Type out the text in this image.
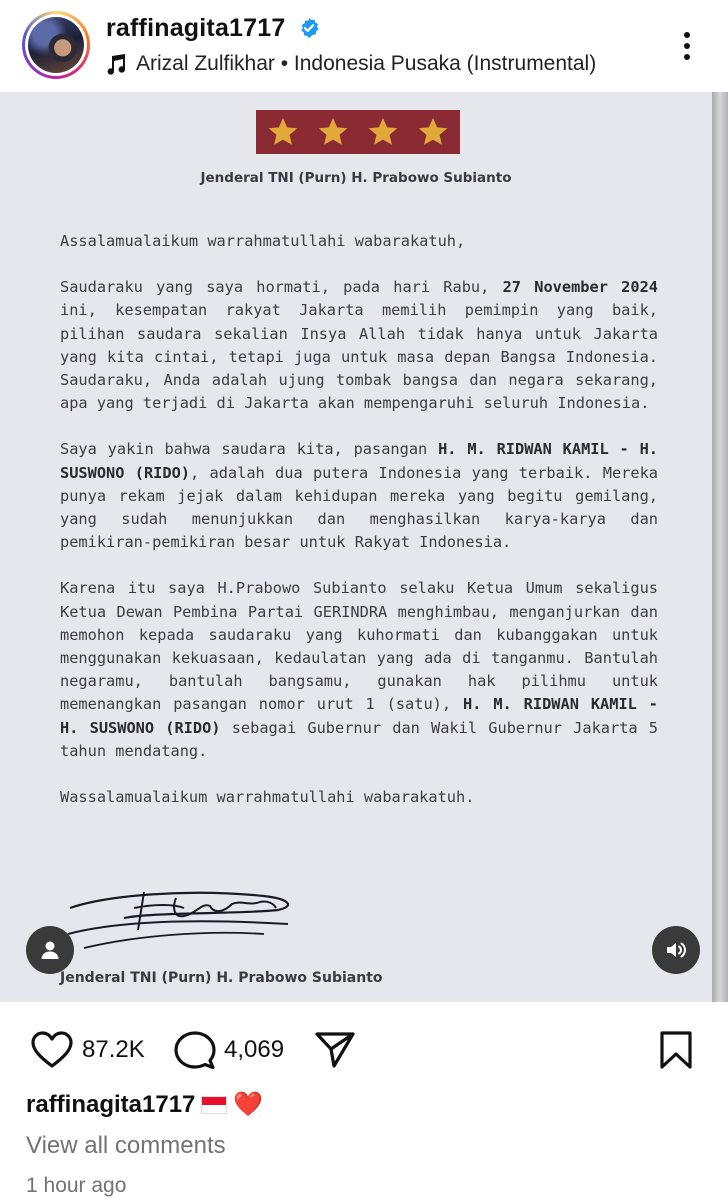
raffinagita1717
Arizal Zulfikhar • Indonesia Pusaka (Instrumental)
Jenderal TNI (Purn) H. Prabowo Subianto

Assalamualaikum warrahmatullahi wabarakatuh,

Saudaraku yang saya hormati, pada hari Rabu, 27 November 2024 ini, kesempatan rakyat Jakarta memilih pemimpin yang baik, pilihan saudara sekalian Insya Allah tidak hanya untuk Jakarta yang kita cintai, tetapi juga untuk masa depan Bangsa Indonesia. Saudaraku, Anda adalah ujung tombak bangsa dan negara sekarang, apa yang terjadi di Jakarta akan mempengaruhi seluruh Indonesia.

Saya yakin bahwa saudara kita, pasangan H. M. RIDWAN KAMIL - H. SUSWONO (RIDO), adalah dua putera Indonesia yang terbaik. Mereka punya rekam jejak dalam kehidupan mereka yang begitu gemilang, yang sudah menunjukkan dan menghasilkan karya-karya dan pemikiran-pemikiran besar untuk Rakyat Indonesia.

Karena itu saya H.Prabowo Subianto selaku Ketua Umum sekaligus Ketua Dewan Pembina Partai GERINDRA menghimbau, menganjurkan dan memohon kepada saudaraku yang kuhormati dan kubanggakan untuk menggunakan kekuasaan, kedaulatan yang ada di tanganmu. Bantulah negaramu, bantulah bangsamu, gunakan hak pilihmu untuk memenangkan pasangan nomor urut 1 (satu), H. M. RIDWAN KAMIL - H. SUSWONO (RIDO) sebagai Gubernur dan Wakil Gubernur Jakarta 5 tahun mendatang.

Wassalamualaikum warrahmatullahi wabarakatuh.

Jenderal TNI (Purn) H. Prabowo Subianto
87.2K	4,069
raffinagita1717 ❤️
View all comments
1 hour ago
